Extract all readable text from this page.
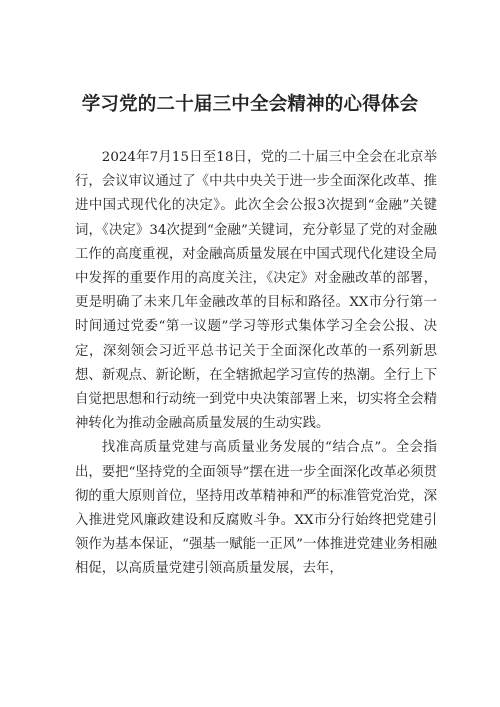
学习党的二十届三中全会精神的心得体会

2024年7月15日至18日，党的二十届三中全会在北京举行，会议审议通过了《中共中央关于进一步全面深化改革、推进中国式现代化的决定》。此次全会公报3次提到“金融”关键词，《决定》34次提到“金融”关键词，充分彰显了党的对金融工作的高度重视，对金融高质量发展在中国式现代化建设全局中发挥的重要作用的高度关注，《决定》对金融改革的部署，更是明确了未来几年金融改革的目标和路径。XX市分行第一时间通过党委“第一议题”学习等形式集体学习全会公报、决定，深刻领会习近平总书记关于全面深化改革的一系列新思想、新观点、新论断，在全辖掀起学习宣传的热潮。全行上下自觉把思想和行动统一到党中央决策部署上来，切实将全会精神转化为推动金融高质量发展的生动实践。

找准高质量党建与高质量业务发展的“结合点”。全会指出，要把“坚持党的全面领导”摆在进一步全面深化改革必须贯彻的重大原则首位，坚持用改革精神和严的标准管党治党，深入推进党风廉政建设和反腐败斗争。XX市分行始终把党建引领作为基本保证，“强基一赋能一正风”一体推进党建业务相融相促，以高质量党建引领高质量发展，去年，
